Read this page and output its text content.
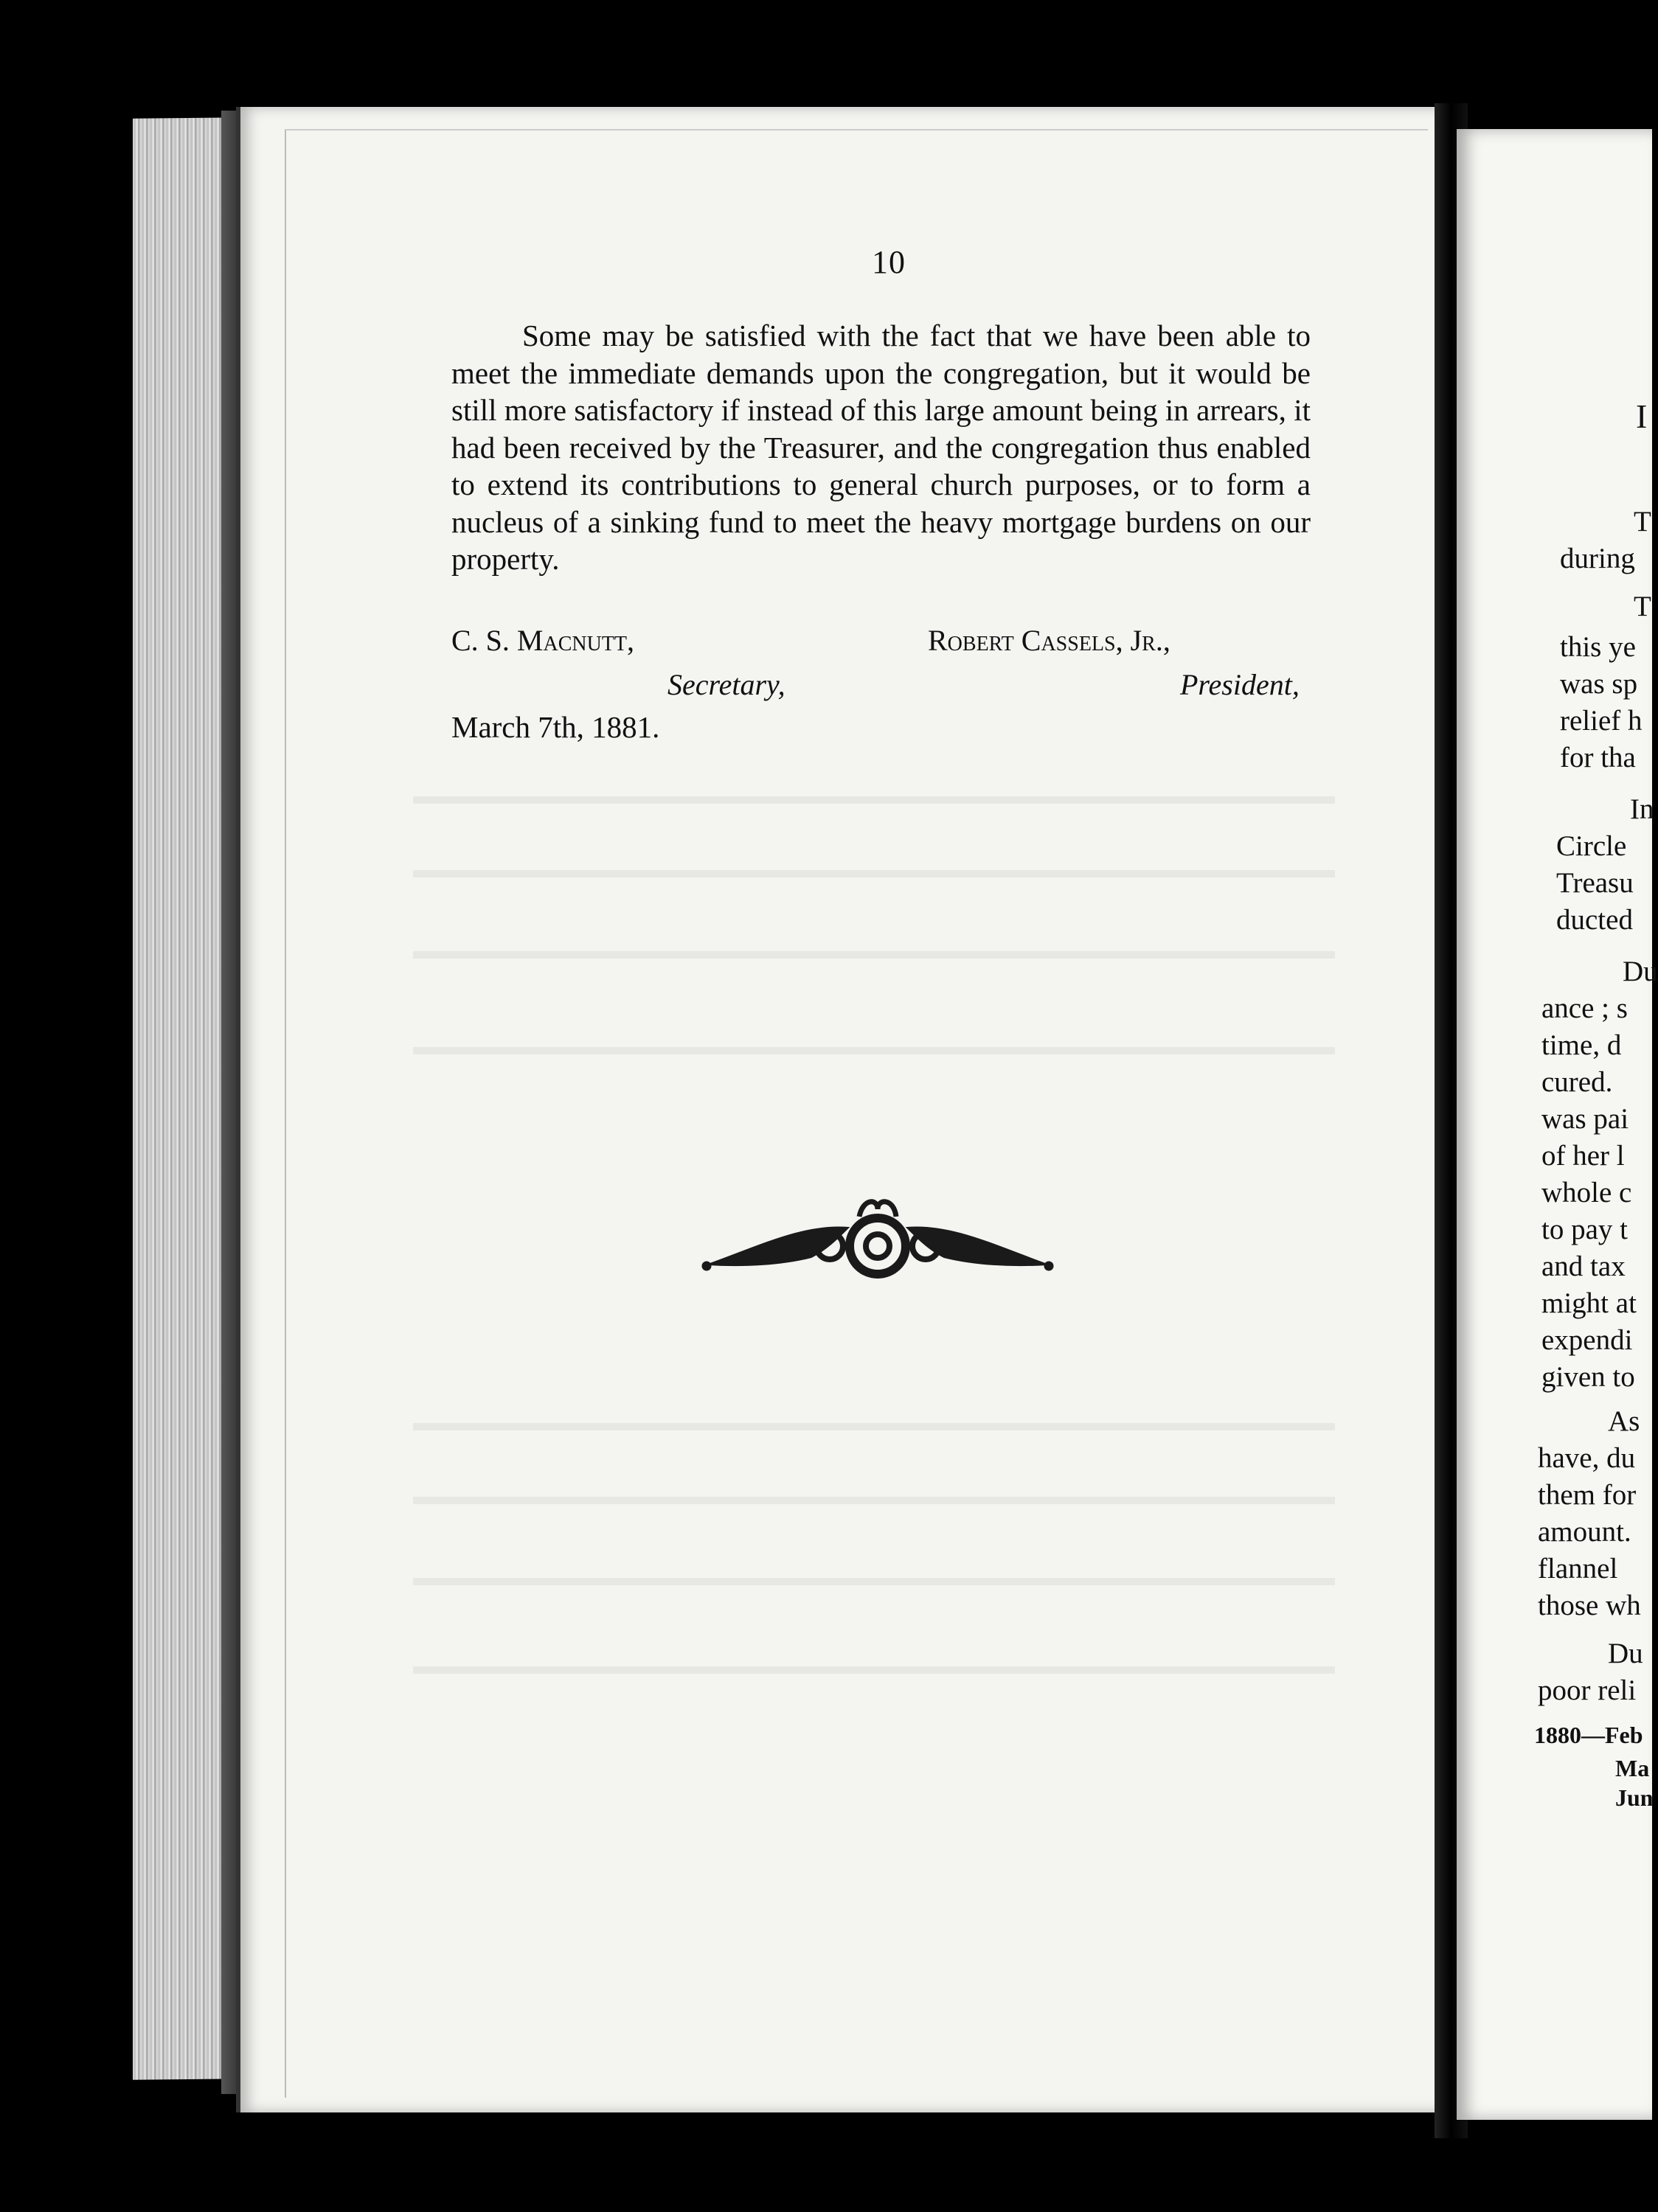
10

Some may be satisfied with the fact that we have been able to meet the immediate demands upon the congregation, but it would be still more satisfactory if instead of this large amount being in arrears, it had been received by the Treasurer, and the congregation thus enabled to extend its contributions to general church purposes, or to form a nucleus of a sinking fund to meet the heavy mortgage burdens on our property.

C. S. Macnutt,	Robert Cassels, Jr.,
Secretary,	President,
March 7th, 1881.
I
T
during
T
this ye
was sp
relief h
for tha
In
Circle
Treasu
ducted
Du
ance ; s
time, d
cured.
was pai
of her l
whole c
to pay t
and tax
might at
expendi
given to
As
have, du
them for
amount.
flannel
those wh
Du
poor reli
1880—Feb
Ma
Jun
